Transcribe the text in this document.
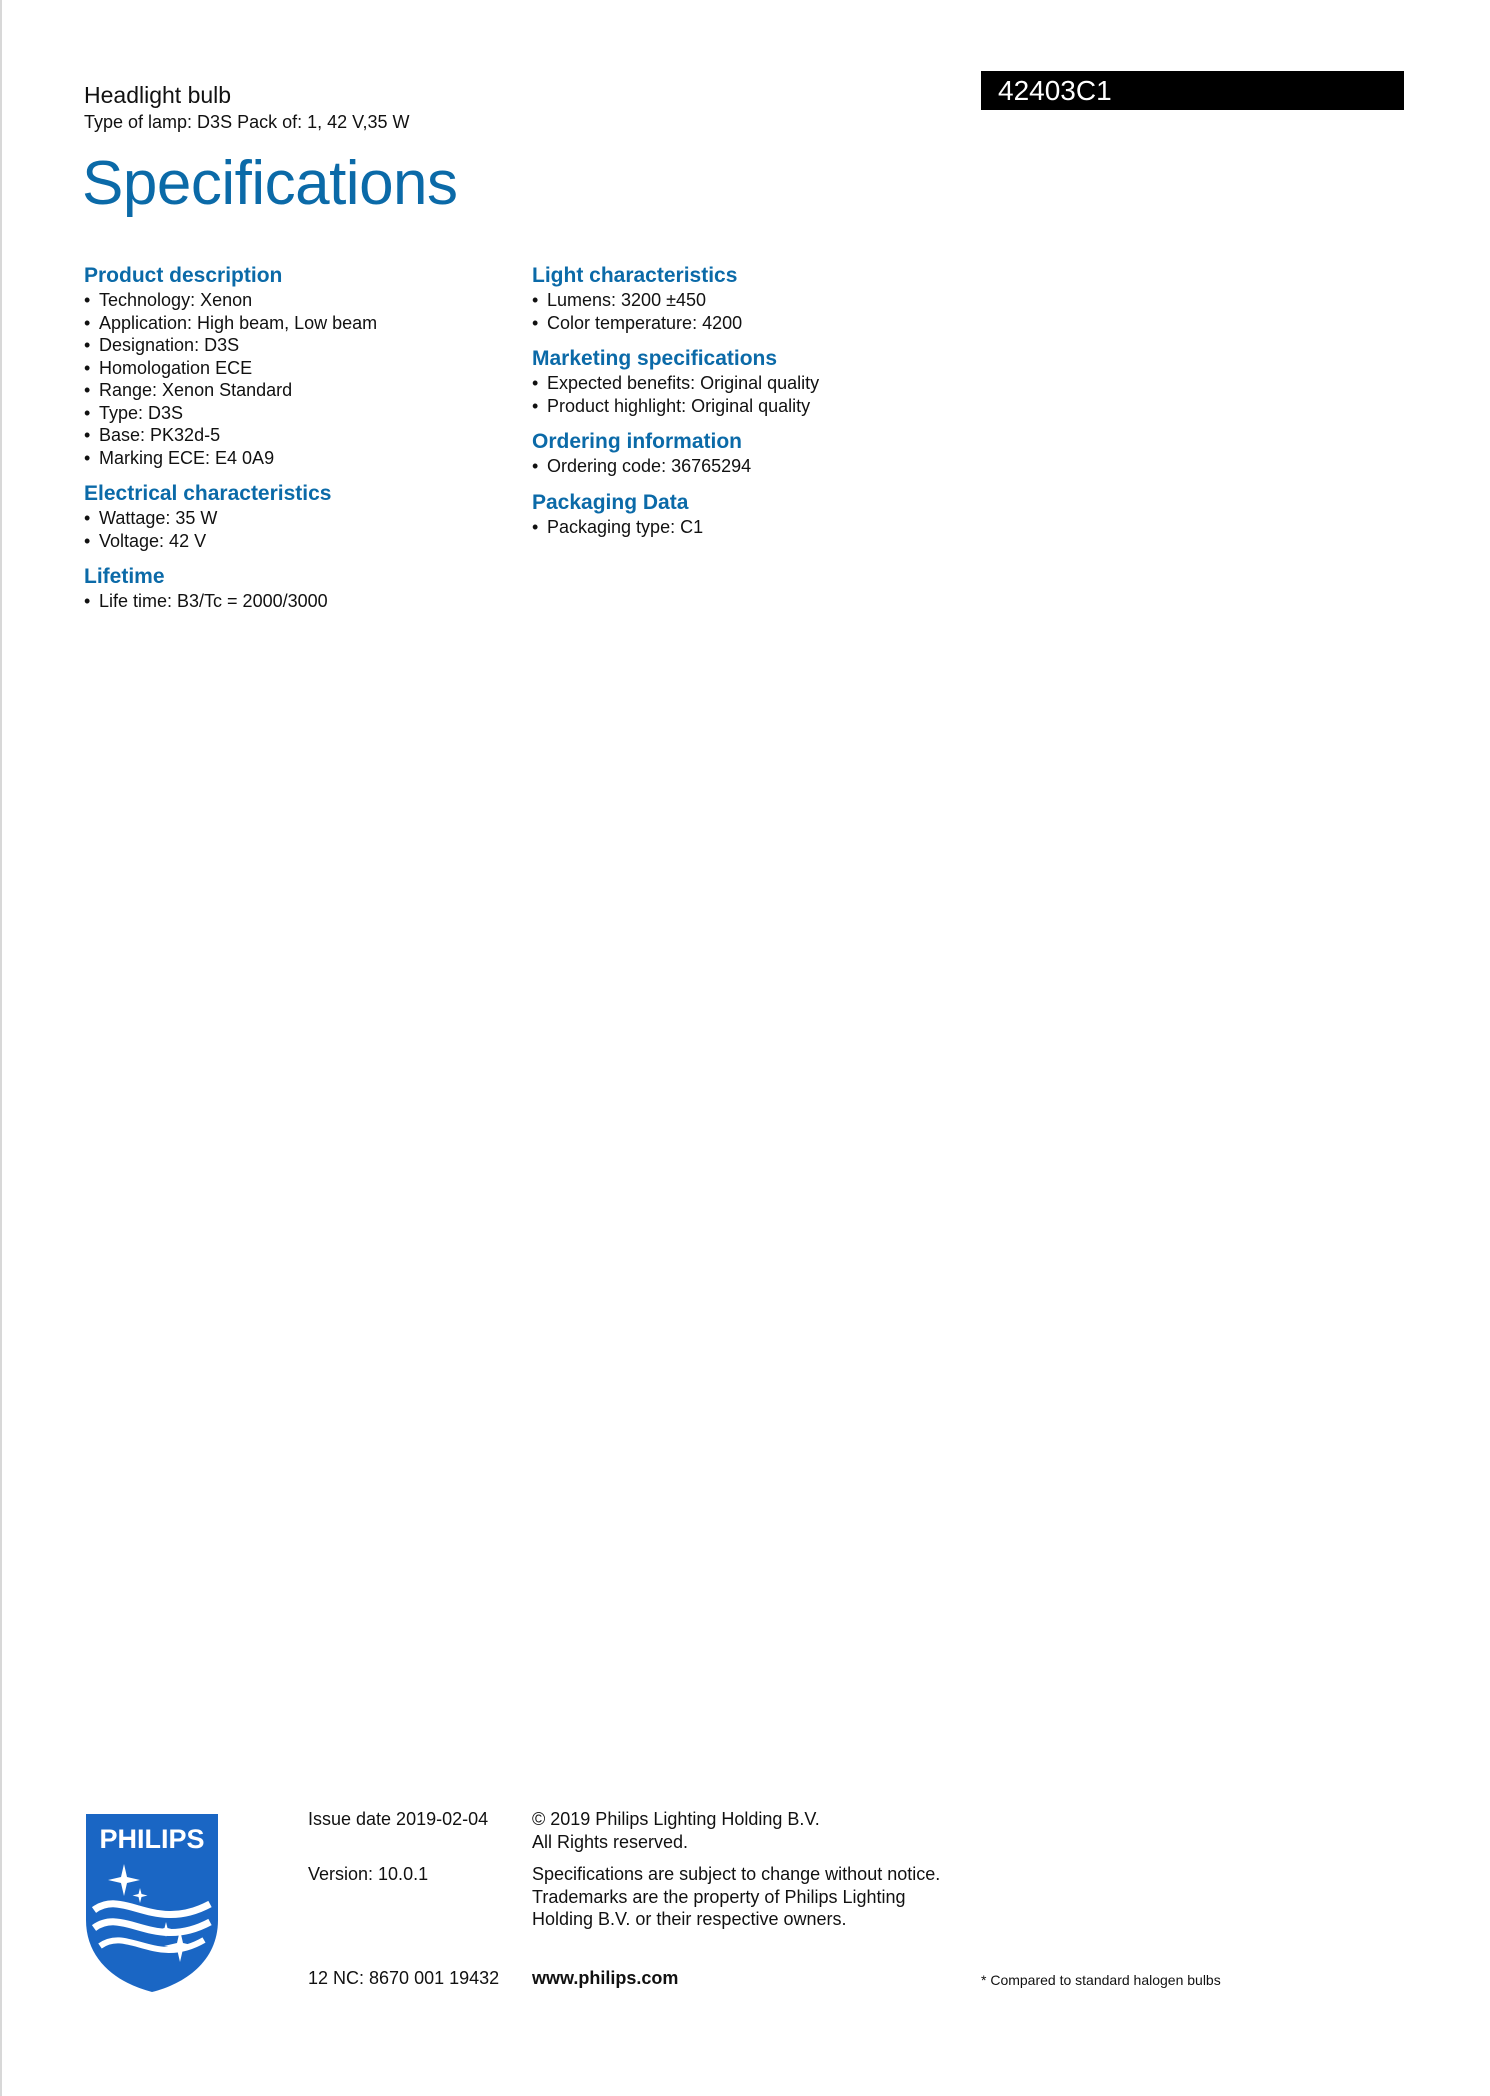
Headlight bulb
Type of lamp: D3S Pack of: 1, 42 V,35 W
42403C1
Specifications
Product description
• Technology: Xenon
• Application: High beam, Low beam
• Designation: D3S
• Homologation ECE
• Range: Xenon Standard
• Type: D3S
• Base: PK32d-5
• Marking ECE: E4 0A9
Electrical characteristics
• Wattage: 35 W
• Voltage: 42 V
Lifetime
• Life time: B3/Tc = 2000/3000
Light characteristics
• Lumens: 3200 ±450
• Color temperature: 4200
Marketing specifications
• Expected benefits: Original quality
• Product highlight: Original quality
Ordering information
• Ordering code: 36765294
Packaging Data
• Packaging type: C1
PHILIPS
Issue date 2019-02-04
Version: 10.0.1
12 NC: 8670 001 19432
© 2019 Philips Lighting Holding B.V.
All Rights reserved.
Specifications are subject to change without notice. Trademarks are the property of Philips Lighting Holding B.V. or their respective owners.
www.philips.com	* Compared to standard halogen bulbs
